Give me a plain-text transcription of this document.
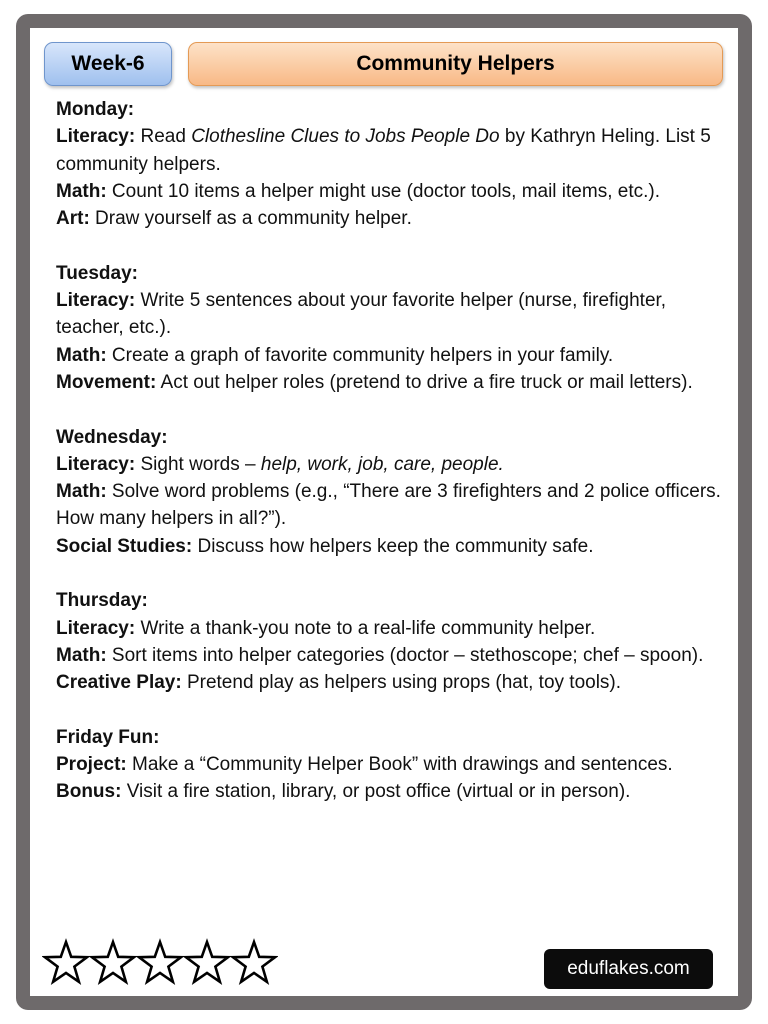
Week-6	Community Helpers
Monday:
Literacy: Read Clothesline Clues to Jobs People Do by Kathryn Heling. List 5 community helpers.
Math: Count 10 items a helper might use (doctor tools, mail items, etc.).
Art: Draw yourself as a community helper.
Tuesday:
Literacy: Write 5 sentences about your favorite helper (nurse, firefighter, teacher, etc.).
Math: Create a graph of favorite community helpers in your family.
Movement: Act out helper roles (pretend to drive a fire truck or mail letters).
Wednesday:
Literacy: Sight words – help, work, job, care, people.
Math: Solve word problems (e.g., “There are 3 firefighters and 2 police officers. How many helpers in all?”).
Social Studies: Discuss how helpers keep the community safe.
Thursday:
Literacy: Write a thank-you note to a real-life community helper.
Math: Sort items into helper categories (doctor – stethoscope; chef – spoon).
Creative Play: Pretend play as helpers using props (hat, toy tools).
Friday Fun:
Project: Make a “Community Helper Book” with drawings and sentences.
Bonus: Visit a fire station, library, or post office (virtual or in person).
eduflakes.com
